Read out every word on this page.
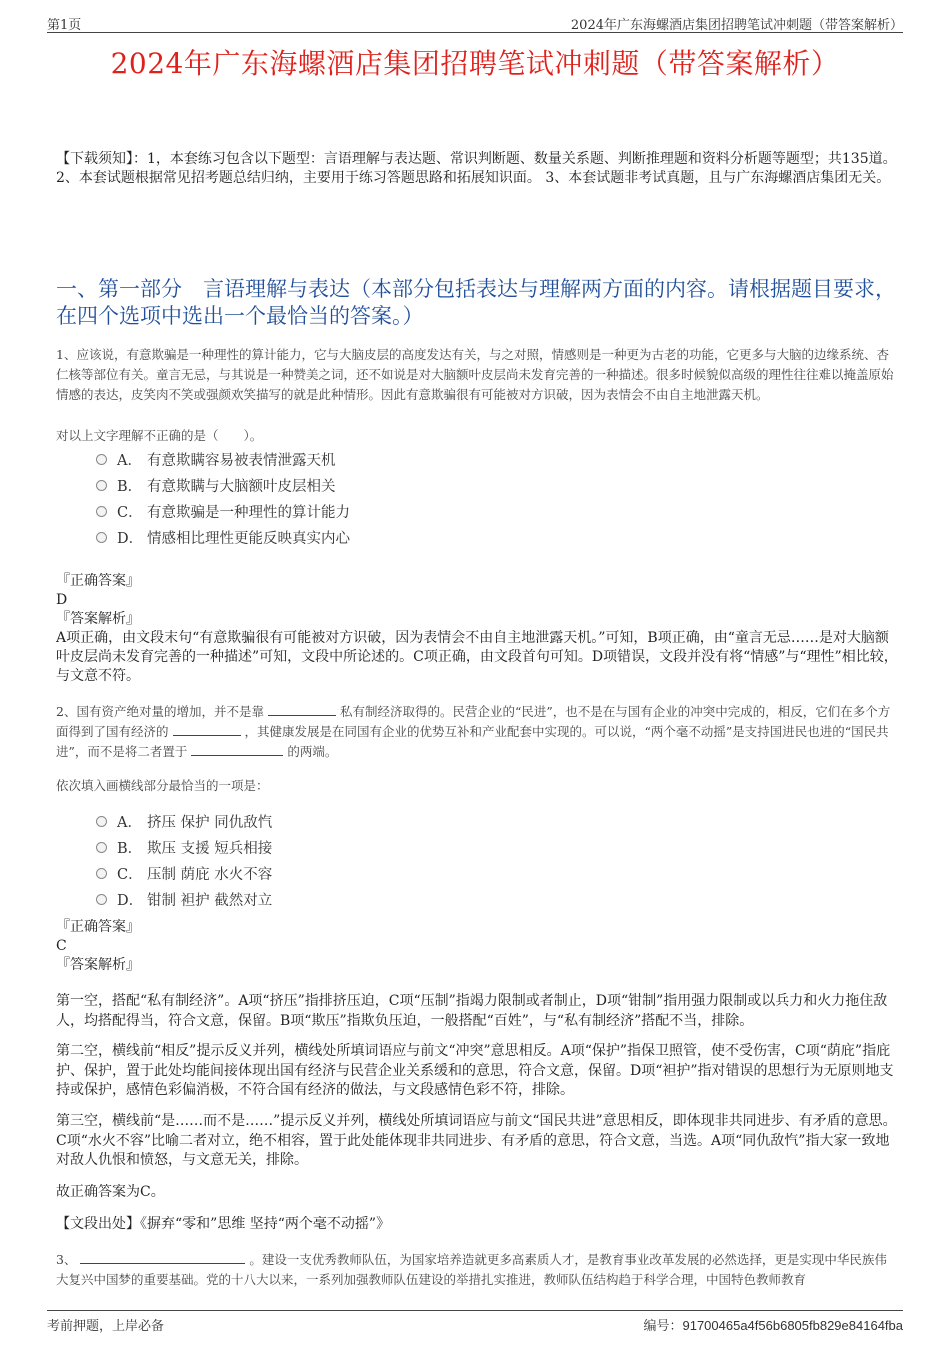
第1页	2024年广东海螺酒店集团招聘笔试冲刺题（带答案解析）
2024年广东海螺酒店集团招聘笔试冲刺题（带答案解析）
【下载须知】：1，本套练习包含以下题型：言语理解与表达题、常识判断题、数量关系题、判断推理题和资料分析题等题型；共135道。 2、本套试题根据常见招考题总结归纳，主要用于练习答题思路和拓展知识面。 3、本套试题非考试真题，且与广东海螺酒店集团无关。
一、第一部分　言语理解与表达（本部分包括表达与理解两方面的内容。请根据题目要求，在四个选项中选出一个最恰当的答案。）
1、应该说，有意欺骗是一种理性的算计能力，它与大脑皮层的高度发达有关，与之对照，情感则是一种更为古老的功能，它更多与大脑的边缘系统、杏仁核等部位有关。童言无忌，与其说是一种赞美之词，还不如说是对大脑额叶皮层尚未发育完善的一种描述。很多时候貌似高级的理性往往难以掩盖原始情感的表达，皮笑肉不笑或强颜欢笑描写的就是此种情形。因此有意欺骗很有可能被对方识破，因为表情会不由自主地泄露天机。
对以上文字理解不正确的是（　　）。
A． 有意欺瞒容易被表情泄露天机
B． 有意欺瞒与大脑额叶皮层相关
C． 有意欺骗是一种理性的算计能力
D． 情感相比理性更能反映真实内心

『正确答案』

D

『答案解析』

A项正确，由文段末句“有意欺骗很有可能被对方识破，因为表情会不由自主地泄露天机。”可知，B项正确，由“童言无忌……是对大脑额叶皮层尚未发育完善的一种描述”可知，文段中所论述的。C项正确，由文段首句可知。D项错误，文段并没有将“情感”与“理性”相比较，与文意不符。

2、国有资产绝对量的增加，并不是靠	私有制经济取得的。民营企业的“民进”，也不是在与国有企业的冲突中完成的，相反，它们在多个方面得到了国有经济的	，其健康发展是在同国有企业的优势互补和产业配套中实现的。可以说，“两个毫不动摇”是支持国进民也进的“国民共进”，而不是将二者置于	的两端。
依次填入画横线部分最恰当的一项是：
A． 挤压 保护 同仇敌忾
B． 欺压 支援 短兵相接
C． 压制 荫庇 水火不容
D． 钳制 袒护 截然对立

『正确答案』

C

『答案解析』

第一空，搭配“私有制经济”。A项“挤压”指排挤压迫，C项“压制”指竭力限制或者制止，D项“钳制”指用强力限制或以兵力和火力拖住敌人，均搭配得当，符合文意，保留。B项“欺压”指欺负压迫，一般搭配“百姓”，与“私有制经济”搭配不当，排除。
第二空，横线前“相反”提示反义并列，横线处所填词语应与前文“冲突”意思相反。A项“保护”指保卫照管，使不受伤害，C项“荫庇”指庇护、保护，置于此处均能间接体现出国有经济与民营企业关系缓和的意思，符合文意，保留。D项“袒护”指对错误的思想行为无原则地支持或保护，感情色彩偏消极，不符合国有经济的做法，与文段感情色彩不符，排除。
第三空，横线前“是……而不是……”提示反义并列，横线处所填词语应与前文“国民共进”意思相反，即体现非共同进步、有矛盾的意思。C项“水火不容”比喻二者对立，绝不相容，置于此处能体现非共同进步、有矛盾的意思，符合文意，当选。A项“同仇敌忾”指大家一致地对敌人仇恨和愤怒，与文意无关，排除。
故正确答案为C。
【文段出处】《摒弃“零和”思维 坚持“两个毫不动摇”》
3、	。建设一支优秀教师队伍，为国家培养造就更多高素质人才，是教育事业改革发展的必然选择，更是实现中华民族伟大复兴中国梦的重要基础。党的十八大以来，一系列加强教师队伍建设的举措扎实推进，教师队伍结构趋于科学合理，中国特色教师教育
考前押题，上岸必备	编号：91700465a4f56b6805fb829e84164fba
